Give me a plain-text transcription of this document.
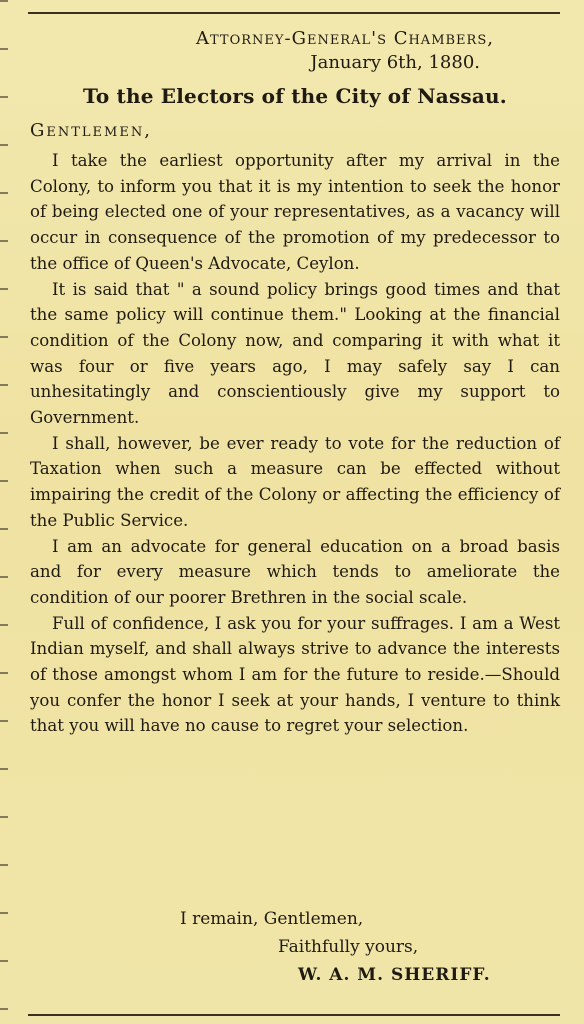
Attorney-General's Chambers,
January 6th, 1880.
To the Electors of the City of Nassau.
Gentlemen,

I take the earliest opportunity after my arrival in the Colony, to inform you that it is my intention to seek the honor of being elected one of your representatives, as a vacancy will occur in consequence of the promotion of my predecessor to the office of Queen's Advocate, Ceylon.

It is said that " a sound policy brings good times and that the same policy will continue them." Looking at the financial condition of the Colony now, and comparing it with what it was four or five years ago, I may safely say I can unhesitatingly and conscientiously give my support to Government.

I shall, however, be ever ready to vote for the reduction of Taxation when such a measure can be effected without impairing the credit of the Colony or affecting the efficiency of the Public Service.

I am an advocate for general education on a broad basis and for every measure which tends to ameliorate the condition of our poorer Brethren in the social scale.

Full of confidence, I ask you for your suffrages. I am a West Indian myself, and shall always strive to advance the interests of those amongst whom I am for the future to reside.—Should you confer the honor I seek at your hands, I venture to think that you will have no cause to regret your selection.

I remain, Gentlemen,
Faithfully yours,
W. A. M. SHERIFF.
